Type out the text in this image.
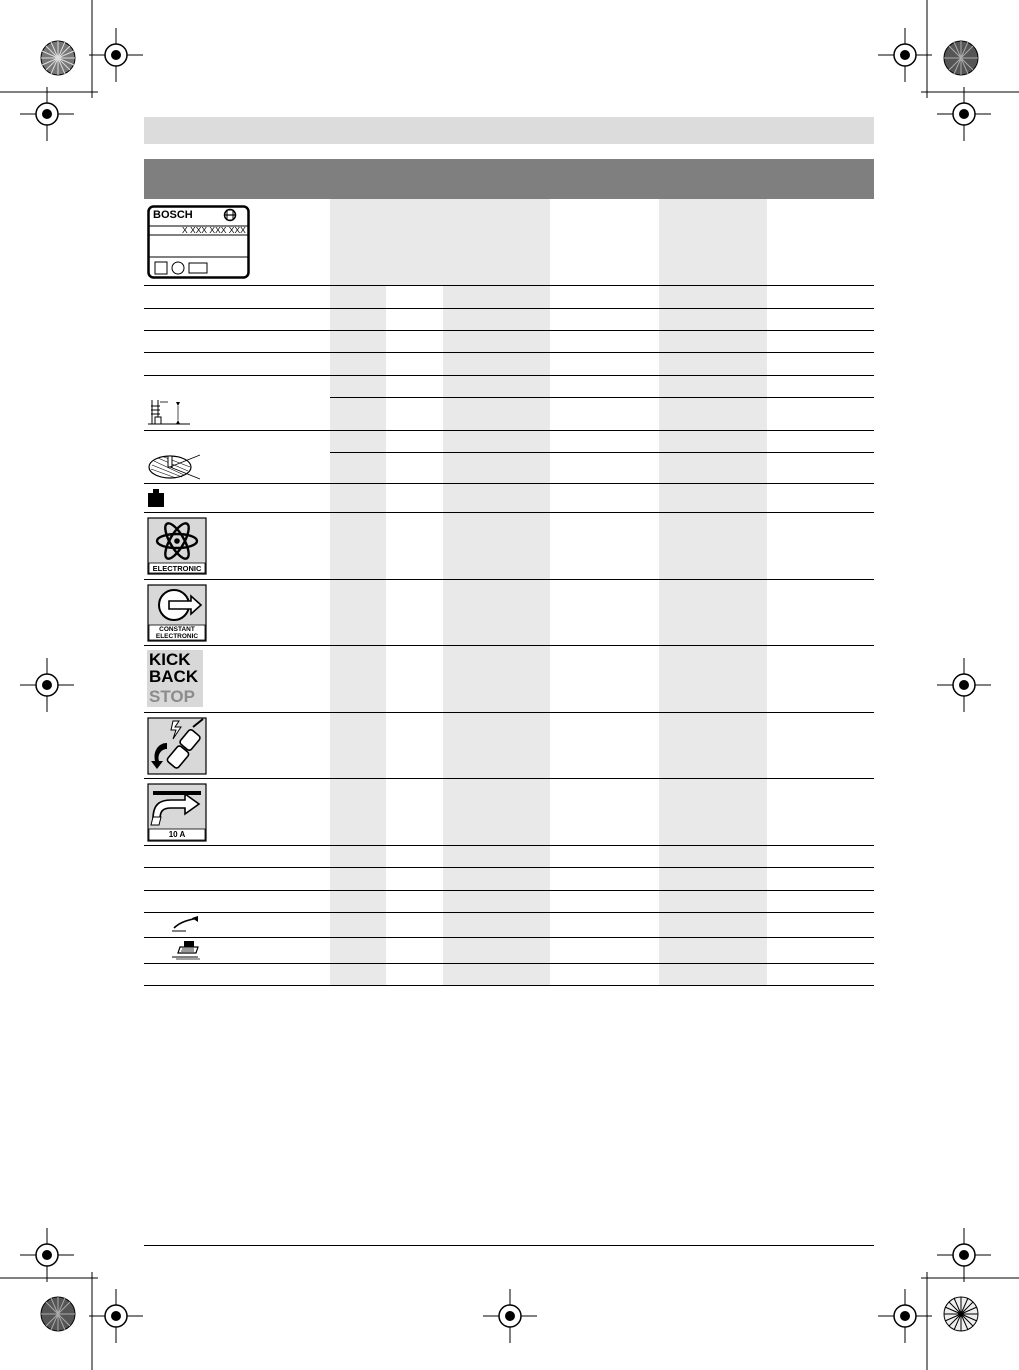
BOSCH
X XXX XXX XXX
ELECTRONIC
CONSTANT
ELECTRONIC
KICK
BACK
STOP
10 A
